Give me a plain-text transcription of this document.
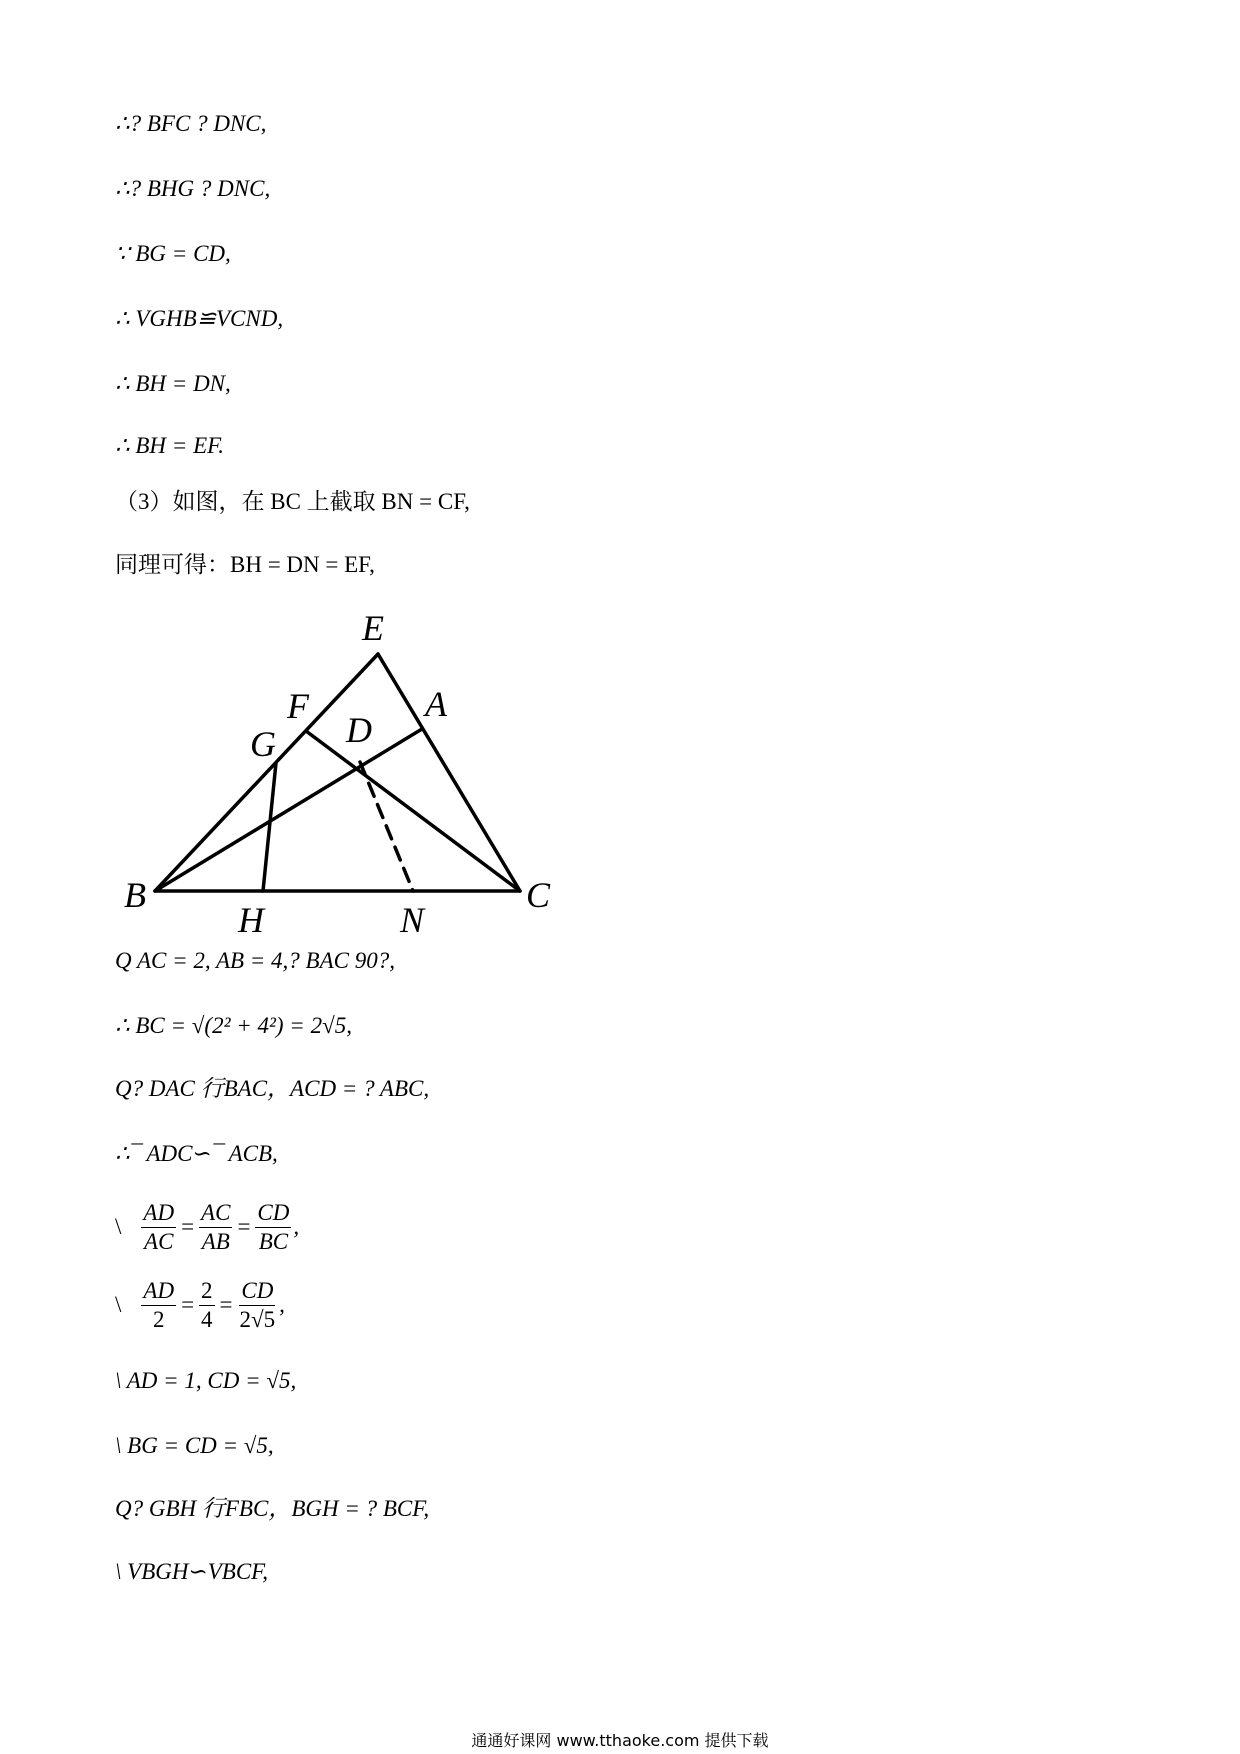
∴? BFC ? DNC,
∴? BHG ? DNC,
∵ BG = CD,
∴ VGHB≌VCND,
∴ BH = DN,
∴ BH = EF.
（3）如图，在 BC 上截取 BN = CF,
同理可得：BH = DN = EF,
E
F	A
G D
B
H	N
C
Q AC = 2, AB = 4,? BAC 90?,
∴ BC = √(2² + 4²) = 2√5,
Q? DAC 行BAC，ACD = ? ABC,
∴¯ ADC∽¯ ACB,
\ $\frac{AD}{AC} = \frac{AC}{AB} = \frac{CD}{BC}$ ,
\ $\frac{AD}{2} = \frac{2}{4} = \frac{CD}{2√5}$ ,
\ AD = 1, CD = √5,
\ BG = CD = √5,
Q? GBH 行FBC，BGH = ? BCF,
\ VBGH∽VBCF,
通通好课网 www.tthaoke.com 提供下载
